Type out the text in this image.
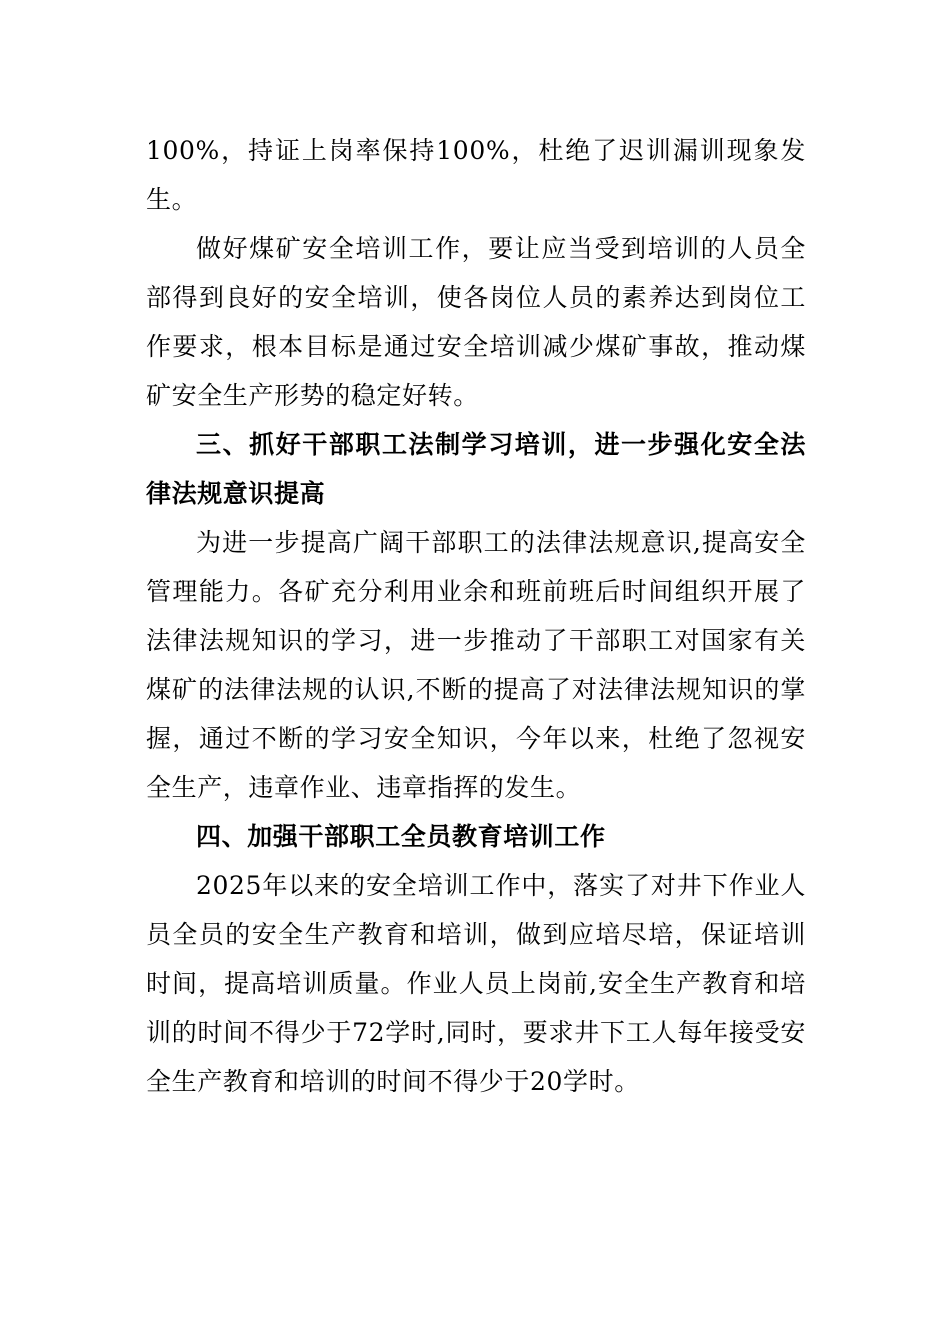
100%，持证上岗率保持100%，杜绝了迟训漏训现象发生。

做好煤矿安全培训工作，要让应当受到培训的人员全部得到良好的安全培训，使各岗位人员的素养达到岗位工作要求，根本目标是通过安全培训减少煤矿事故，推动煤矿安全生产形势的稳定好转。

三、抓好干部职工法制学习培训，进一步强化安全法律法规意识提高

为进一步提高广阔干部职工的法律法规意识,提高安全管理能力。各矿充分利用业余和班前班后时间组织开展了法律法规知识的学习，进一步推动了干部职工对国家有关煤矿的法律法规的认识,不断的提高了对法律法规知识的掌握，通过不断的学习安全知识，今年以来，杜绝了忽视安全生产，违章作业、违章指挥的发生。

四、加强干部职工全员教育培训工作

2025年以来的安全培训工作中，落实了对井下作业人员全员的安全生产教育和培训，做到应培尽培，保证培训时间，提高培训质量。作业人员上岗前,安全生产教育和培训的时间不得少于72学时,同时，要求井下工人每年接受安全生产教育和培训的时间不得少于20学时。
